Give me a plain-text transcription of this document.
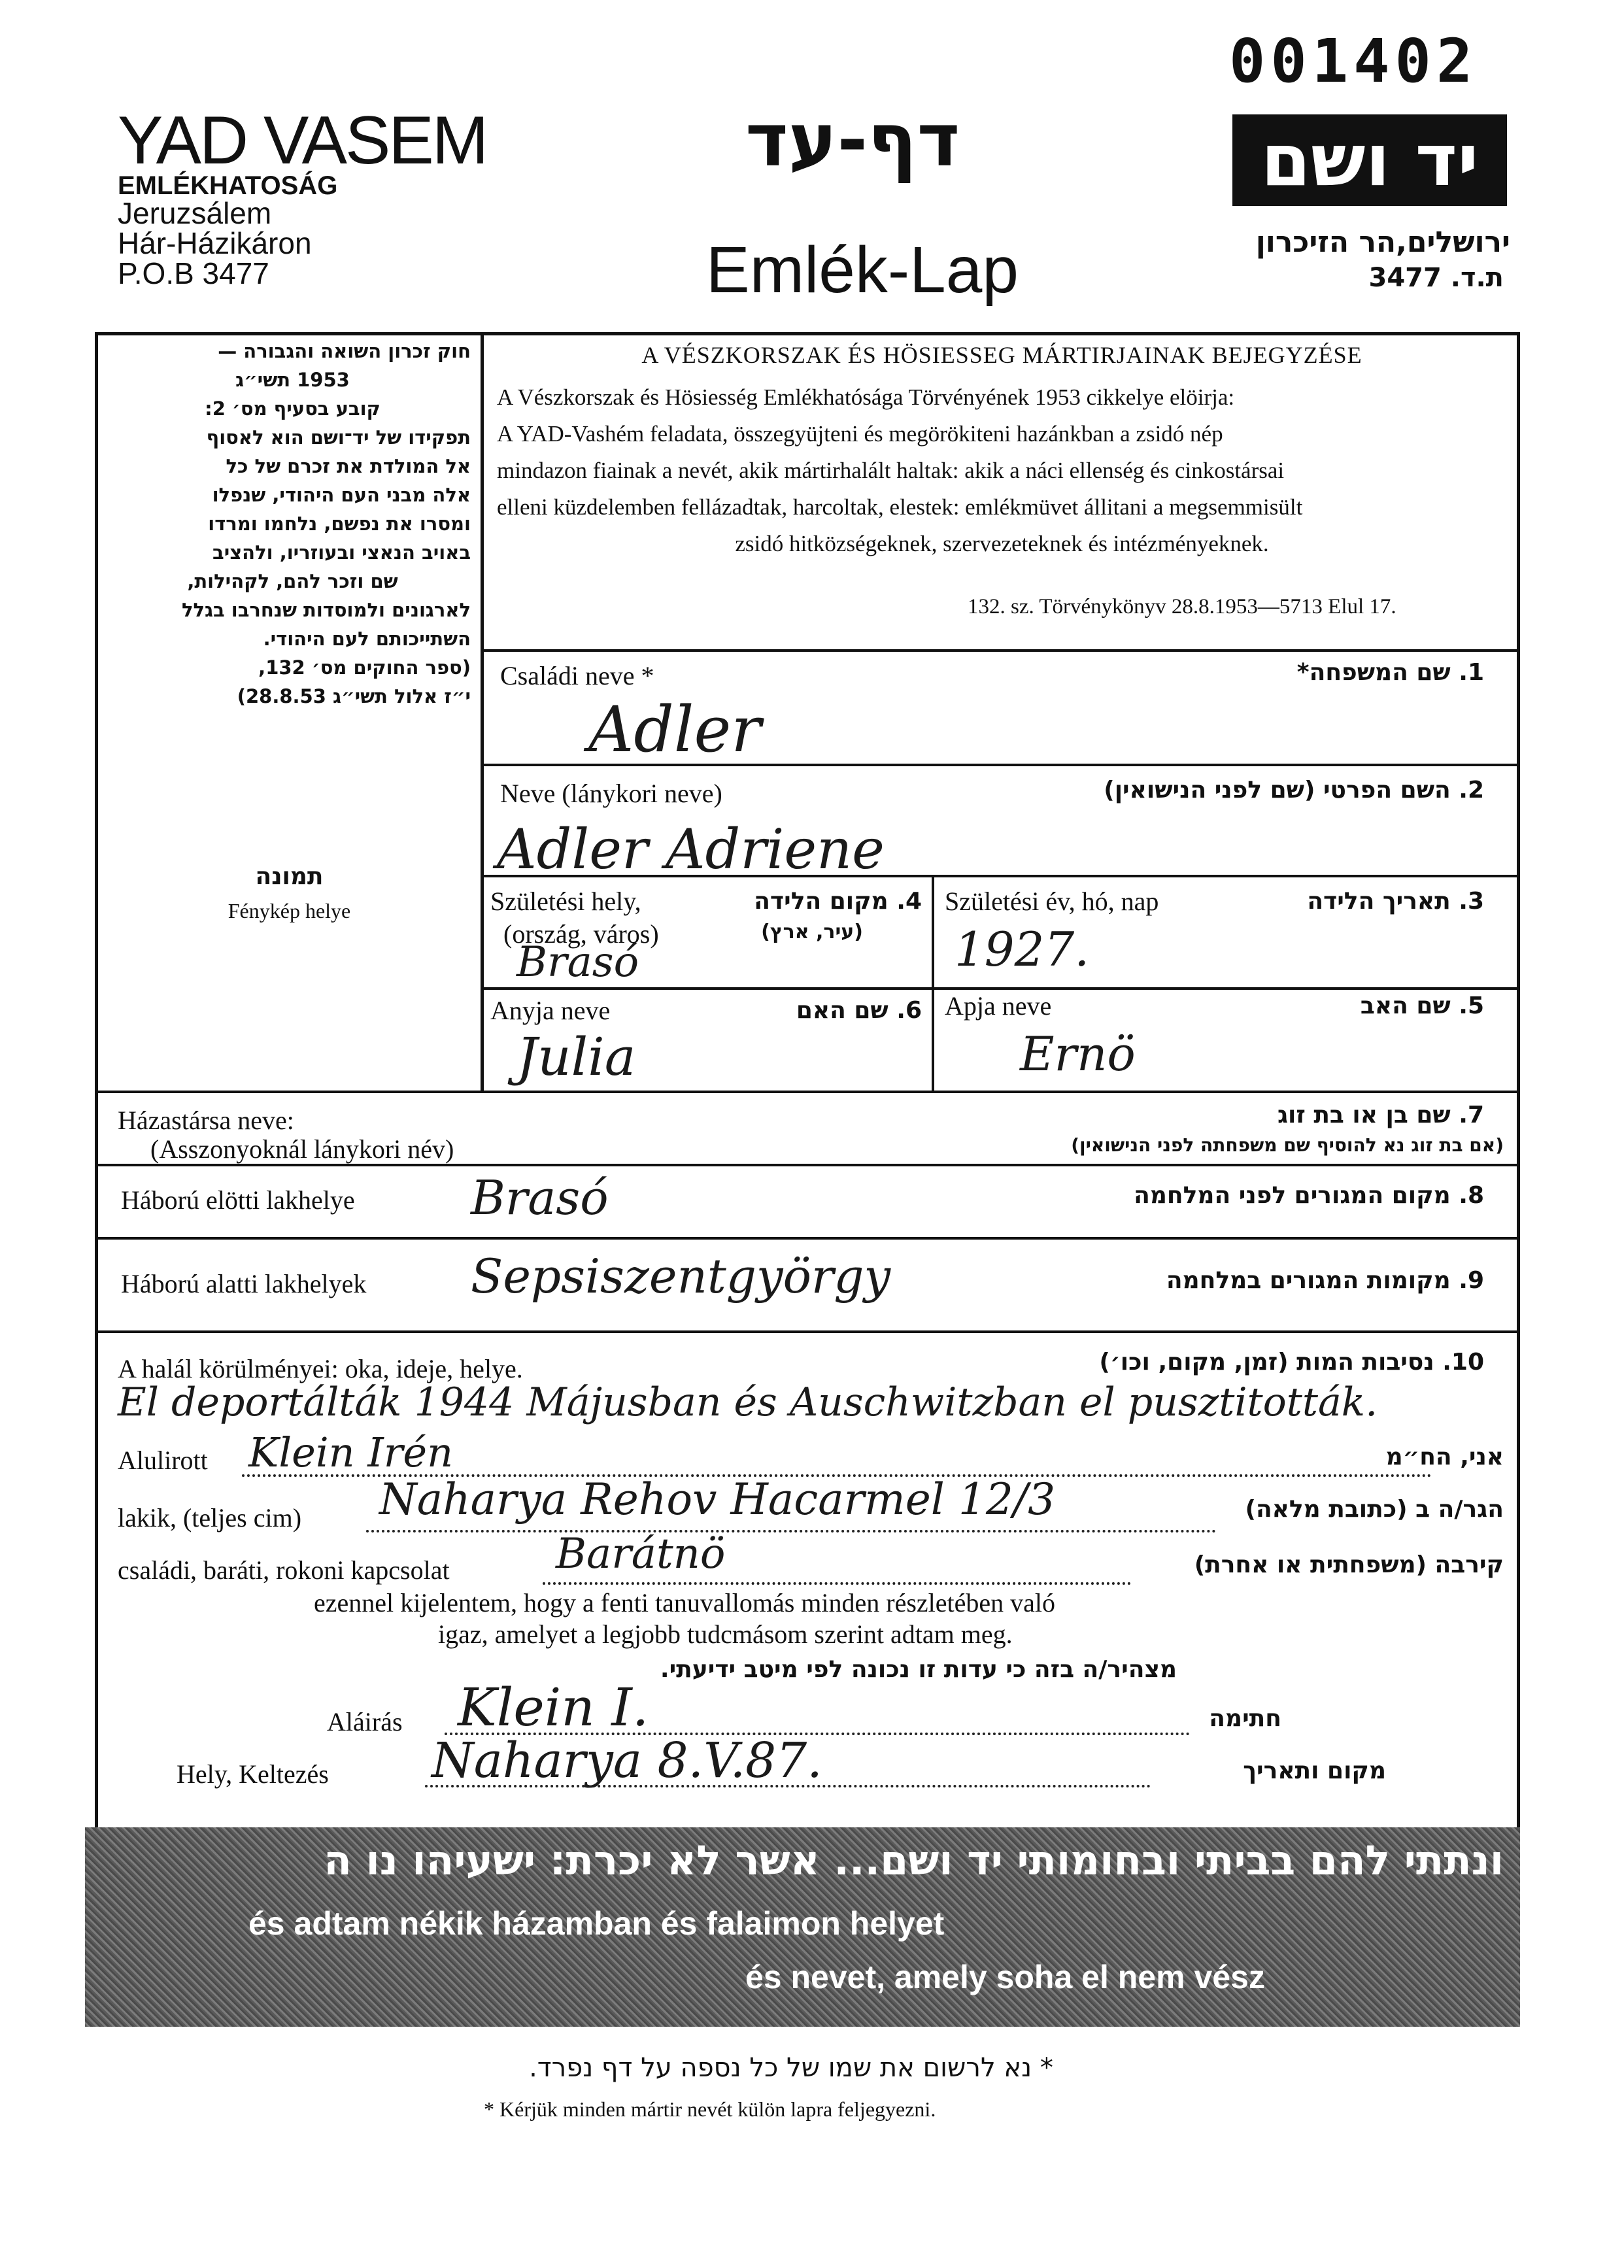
001402
YAD VASEM
EMLÉKHATOSÁG
Jeruzsálem
Hár-Házikáron
P.O.B 3477
דף-עד
Emlék-Lap
יד ושם
ירושלים,הר הזיכרון
ת.ד. 3477
חוק זכרון השואה והגבורה —
1953 תשי״ג
קובע בסעיף מס׳ 2:
תפקידו של יד־ושם הוא לאסוף
אל המולדת את זכרם של כל
אלה מבני העם היהודי, שנפלו
ומסרו את נפשם, נלחמו ומרדו
באויב הנאצי ובעוזריו, ולהציב
שם וזכר להם, לקהילות,
לארגונים ולמוסדות שנחרבו בגלל
השתייכותם לעם היהודי.
(ספר החוקים מס׳ 132,
י״ז אלול תשי״ג 28.8.53)
תמונה
Fénykép helye
A VÉSZKORSZAK ÉS HÖSIESSEG MÁRTIRJAINAK BEJEGYZÉSE
A Vészkorszak és Hösiesség Emlékhatósága Törvényének 1953 cikkelye elöirja:
A YAD-Vashém feladata, összegyüjteni és megörökiteni hazánkban a zsidó nép
mindazon fiainak a nevét, akik mártirhalált haltak: akik a náci ellenség és cinkostársai
elleni küzdelemben fellázadtak, harcoltak, elestek: emlékmüvet állitani a megsemmisült
zsidó hitközségeknek, szervezeteknek és intézményeknek.
132. sz. Törvénykönyv 28.8.1953—5713 Elul 17.
Családi neve *	1. שם המשפחה*
Adler
Neve (lánykori neve)	2. השם הפרטי (שם לפני הנישואין)
Adler Adriene
Születési hely,
(ország, város)
4. מקום הלידה
(עיר, ארץ)
Brasó
Születési év, hó, nap	3. תאריך הלידה
1927.
Anyja neve	6. שם האם
Julia
Apja neve	5. שם האב
Ernö
Házastársa neve:
(Asszonyoknál lánykori név)
7. שם בן או בת זוג
(אם בת זוג נא להוסיף שם משפחתה לפני הנישואין)
Háború elötti lakhelye	8. מקום המגורים לפני המלחמה
Brasó
Háború alatti lakhelyek	9. מקומות המגורים במלחמה
Sepsiszentgyörgy
A halál körülményei: oka, ideje, helye.	10. נסיבות המות (זמן, מקום, וכו׳)
El deportálták 1944 Májusban és Auschwitzban el pusztitották.
Alulirott Klein Irén	אני, הח״מ
lakik, (teljes cim) Naharya Rehov Hacarmel 12/3	הגר/ה ב (כתובת מלאה)
családi, baráti, rokoni kapcsolat	Barátnö	קירבה (משפחתית או אחרת)
ezennel kijelentem, hogy a fenti tanuvallomás minden részletében való
igaz, amelyet a legjobb tudcmásom szerint adtam meg.
מצהיר/ה בזה כי עדות זו נכונה לפי מיטב ידיעתי.
Aláirás Klein I.	חתימה
Hely, Keltezés Naharya 8.V.87.	מקום ותאריך
ונתתי להם בביתי ובחומותי יד ושם... אשר לא יכרת: ישעיהו נו ה
és adtam nékik házamban és falaimon helyet
és nevet, amely soha el nem vész
* נא לרשום את שמו של כל נספה על דף נפרד.
* Kérjük minden mártir nevét külön lapra feljegyezni.
